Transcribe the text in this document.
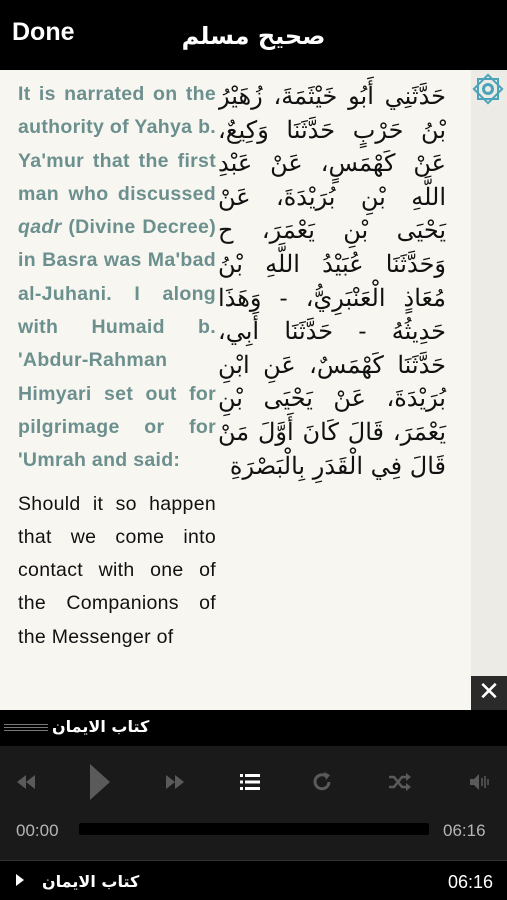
Done	صحيح مسلم

It is narrated on the authority of Yahya b. Ya'mur that the first man who discussed qadr (Divine Decree) in Basra was Ma'bad al-Juhani. I along with Humaid b. 'Abdur-Rahman Himyari set out for pilgrimage or for 'Umrah and said:

Should it so happen that we come into contact with one of the Companions of the Messenger of

حَدَّثَنِي أَبُو خَيْثَمَةَ، زُهَيْرُ بْنُ حَرْبٍ حَدَّثَنَا وَكِيعٌ، عَنْ كَهْمَسٍ، عَنْ عَبْدِ اللَّهِ بْنِ بُرَيْدَةَ، عَنْ يَحْيَى بْنِ يَعْمَرَ، ح وَحَدَّثَنَا عُبَيْدُ اللَّهِ بْنُ مُعَاذٍ الْعَنْبَرِيُّ، - وَهَذَا حَدِيثُهُ - حَدَّثَنَا أَبِي، حَدَّثَنَا كَهْمَسٌ، عَنِ ابْنِ بُرَيْدَةَ، عَنْ يَحْيَى بْنِ يَعْمَرَ، قَالَ كَانَ أَوَّلَ مَنْ قَالَ فِي الْقَدَرِ بِالْبَصْرَةِ

✕
كتاب الايمان
00:00	06:16
كتاب الايمان	06:16
